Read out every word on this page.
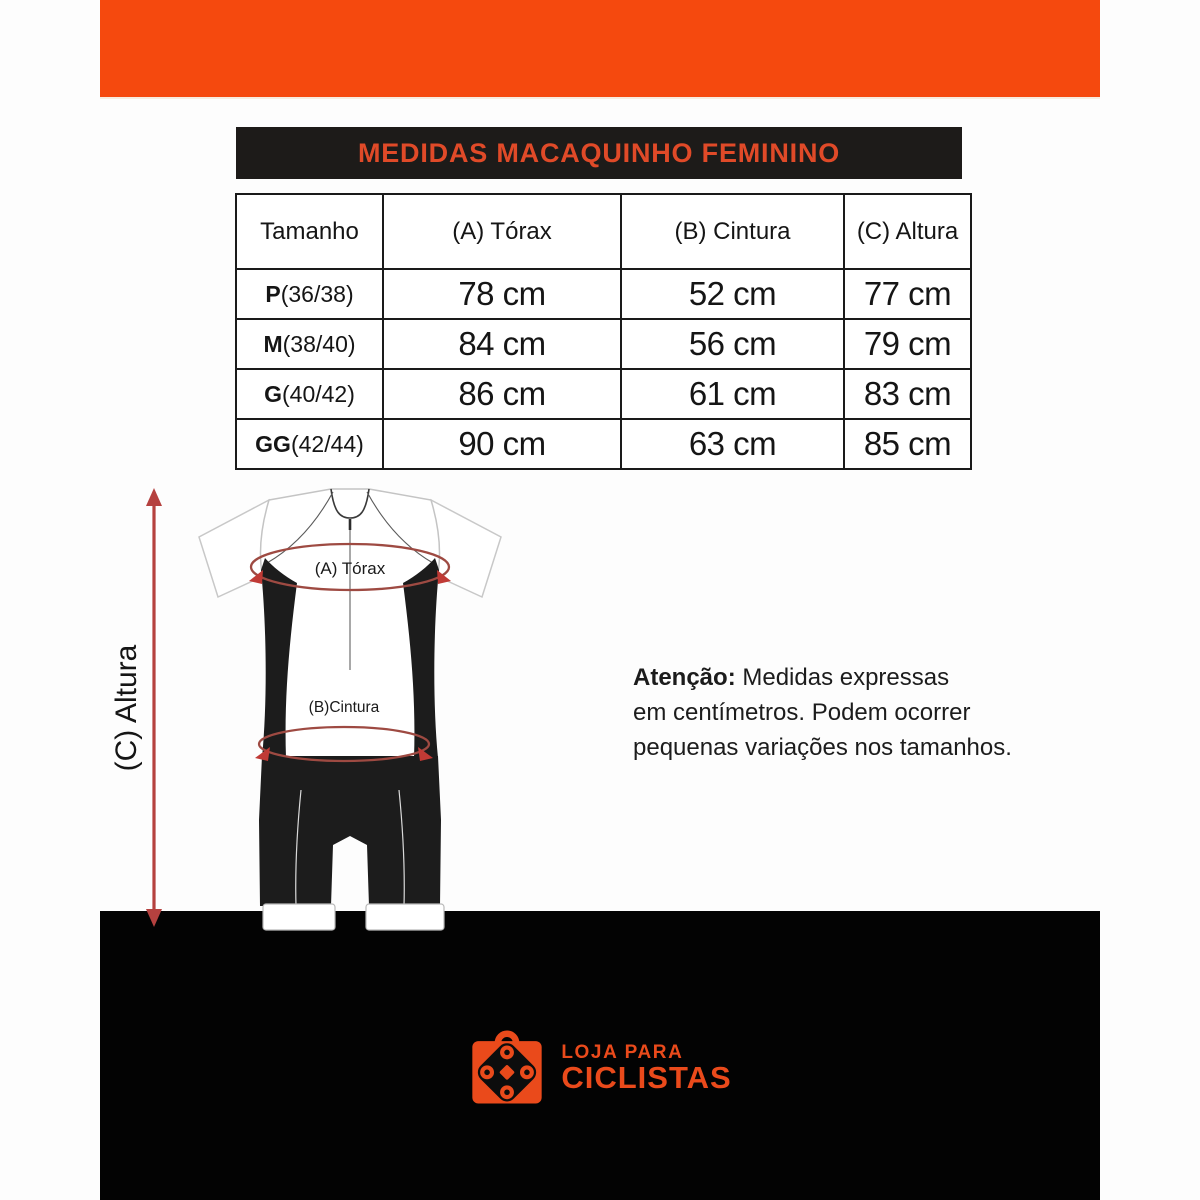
MEDIDAS MACAQUINHO FEMININO
Tamanho	(A) Tórax	(B) Cintura	(C) Altura
P(36/38)	78 cm	52 cm	77 cm
M(38/40)	84 cm	56 cm	79 cm
G(40/42)	86 cm	61 cm	83 cm
GG(42/44)	90 cm	63 cm	85 cm
Atenção: Medidas expressas
em centímetros. Podem ocorrer
pequenas variações nos tamanhos.
LOJA PARA
CICLISTAS
(A) Tórax
(B)Cintura
(C) Altura
